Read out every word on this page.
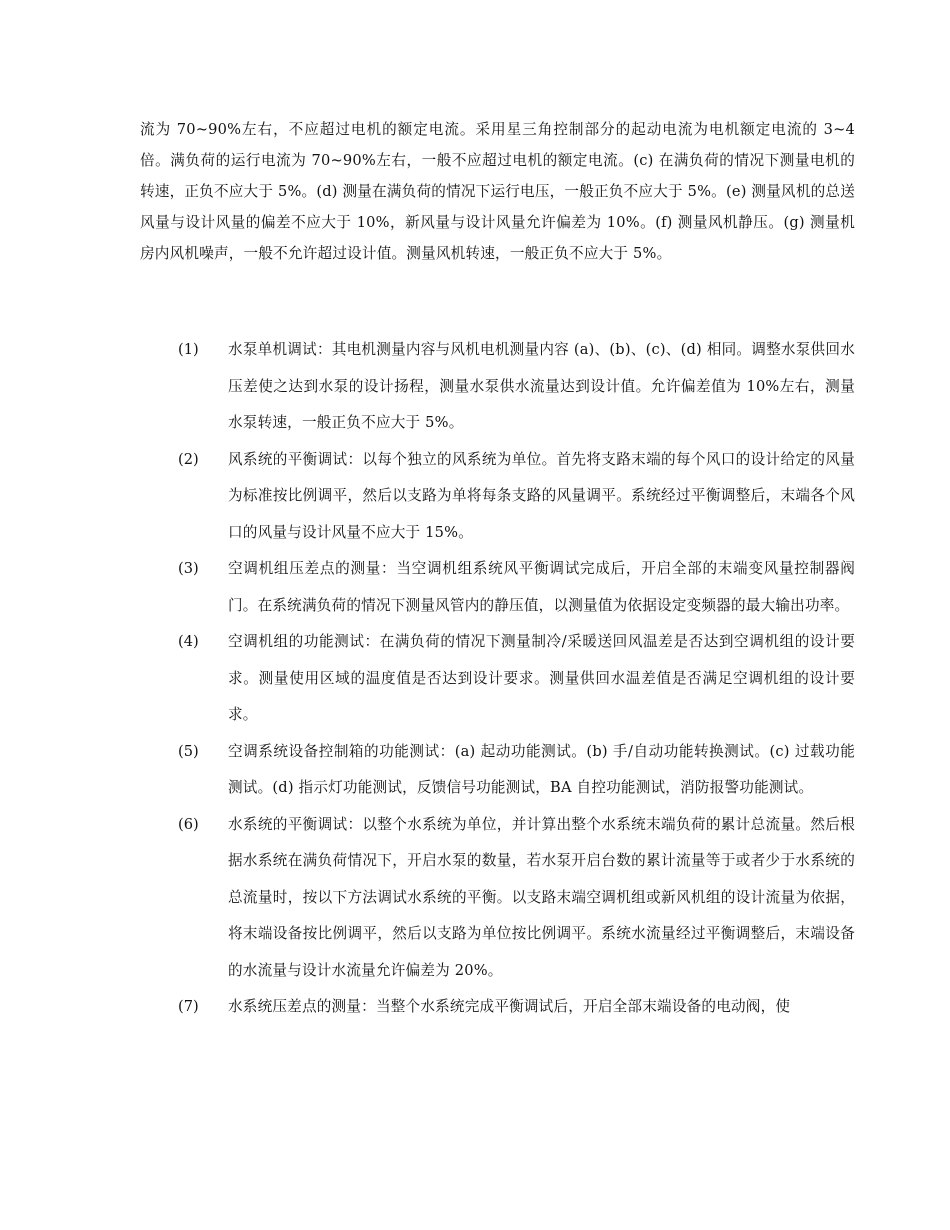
流为 70~90%左右，不应超过电机的额定电流。采用星三角控制部分的起动电流为电机额定电流的 3~4 倍。满负荷的运行电流为 70~90%左右，一般不应超过电机的额定电流。(c) 在满负荷的情况下测量电机的转速，正负不应大于 5%。(d) 测量在满负荷的情况下运行电压，一般正负不应大于 5%。(e) 测量风机的总送风量与设计风量的偏差不应大于 10%，新风量与设计风量允许偏差为 10%。(f) 测量风机静压。(g) 测量机房内风机噪声，一般不允许超过设计值。测量风机转速，一般正负不应大于 5%。

(1) 水泵单机调试：其电机测量内容与风机电机测量内容 (a)、(b)、(c)、(d) 相同。调整水泵供回水压差使之达到水泵的设计扬程，测量水泵供水流量达到设计值。允许偏差值为 10%左右，测量水泵转速，一般正负不应大于 5%。
(2) 风系统的平衡调试：以每个独立的风系统为单位。首先将支路末端的每个风口的设计给定的风量为标准按比例调平，然后以支路为单将每条支路的风量调平。系统经过平衡调整后，末端各个风口的风量与设计风量不应大于 15%。
(3) 空调机组压差点的测量：当空调机组系统风平衡调试完成后，开启全部的末端变风量控制器阀门。在系统满负荷的情况下测量风管内的静压值，以测量值为依据设定变频器的最大输出功率。
(4) 空调机组的功能测试：在满负荷的情况下测量制冷/采暖送回风温差是否达到空调机组的设计要求。测量使用区域的温度值是否达到设计要求。测量供回水温差值是否满足空调机组的设计要求。
(5) 空调系统设备控制箱的功能测试：(a) 起动功能测试。(b) 手/自动功能转换测试。(c) 过载功能测试。(d) 指示灯功能测试，反馈信号功能测试，BA 自控功能测试，消防报警功能测试。
(6) 水系统的平衡调试：以整个水系统为单位，并计算出整个水系统末端负荷的累计总流量。然后根据水系统在满负荷情况下，开启水泵的数量，若水泵开启台数的累计流量等于或者少于水系统的总流量时，按以下方法调试水系统的平衡。以支路末端空调机组或新风机组的设计流量为依据，将末端设备按比例调平，然后以支路为单位按比例调平。系统水流量经过平衡调整后，末端设备的水流量与设计水流量允许偏差为 20%。
(7) 水系统压差点的测量：当整个水系统完成平衡调试后，开启全部末端设备的电动阀，使
